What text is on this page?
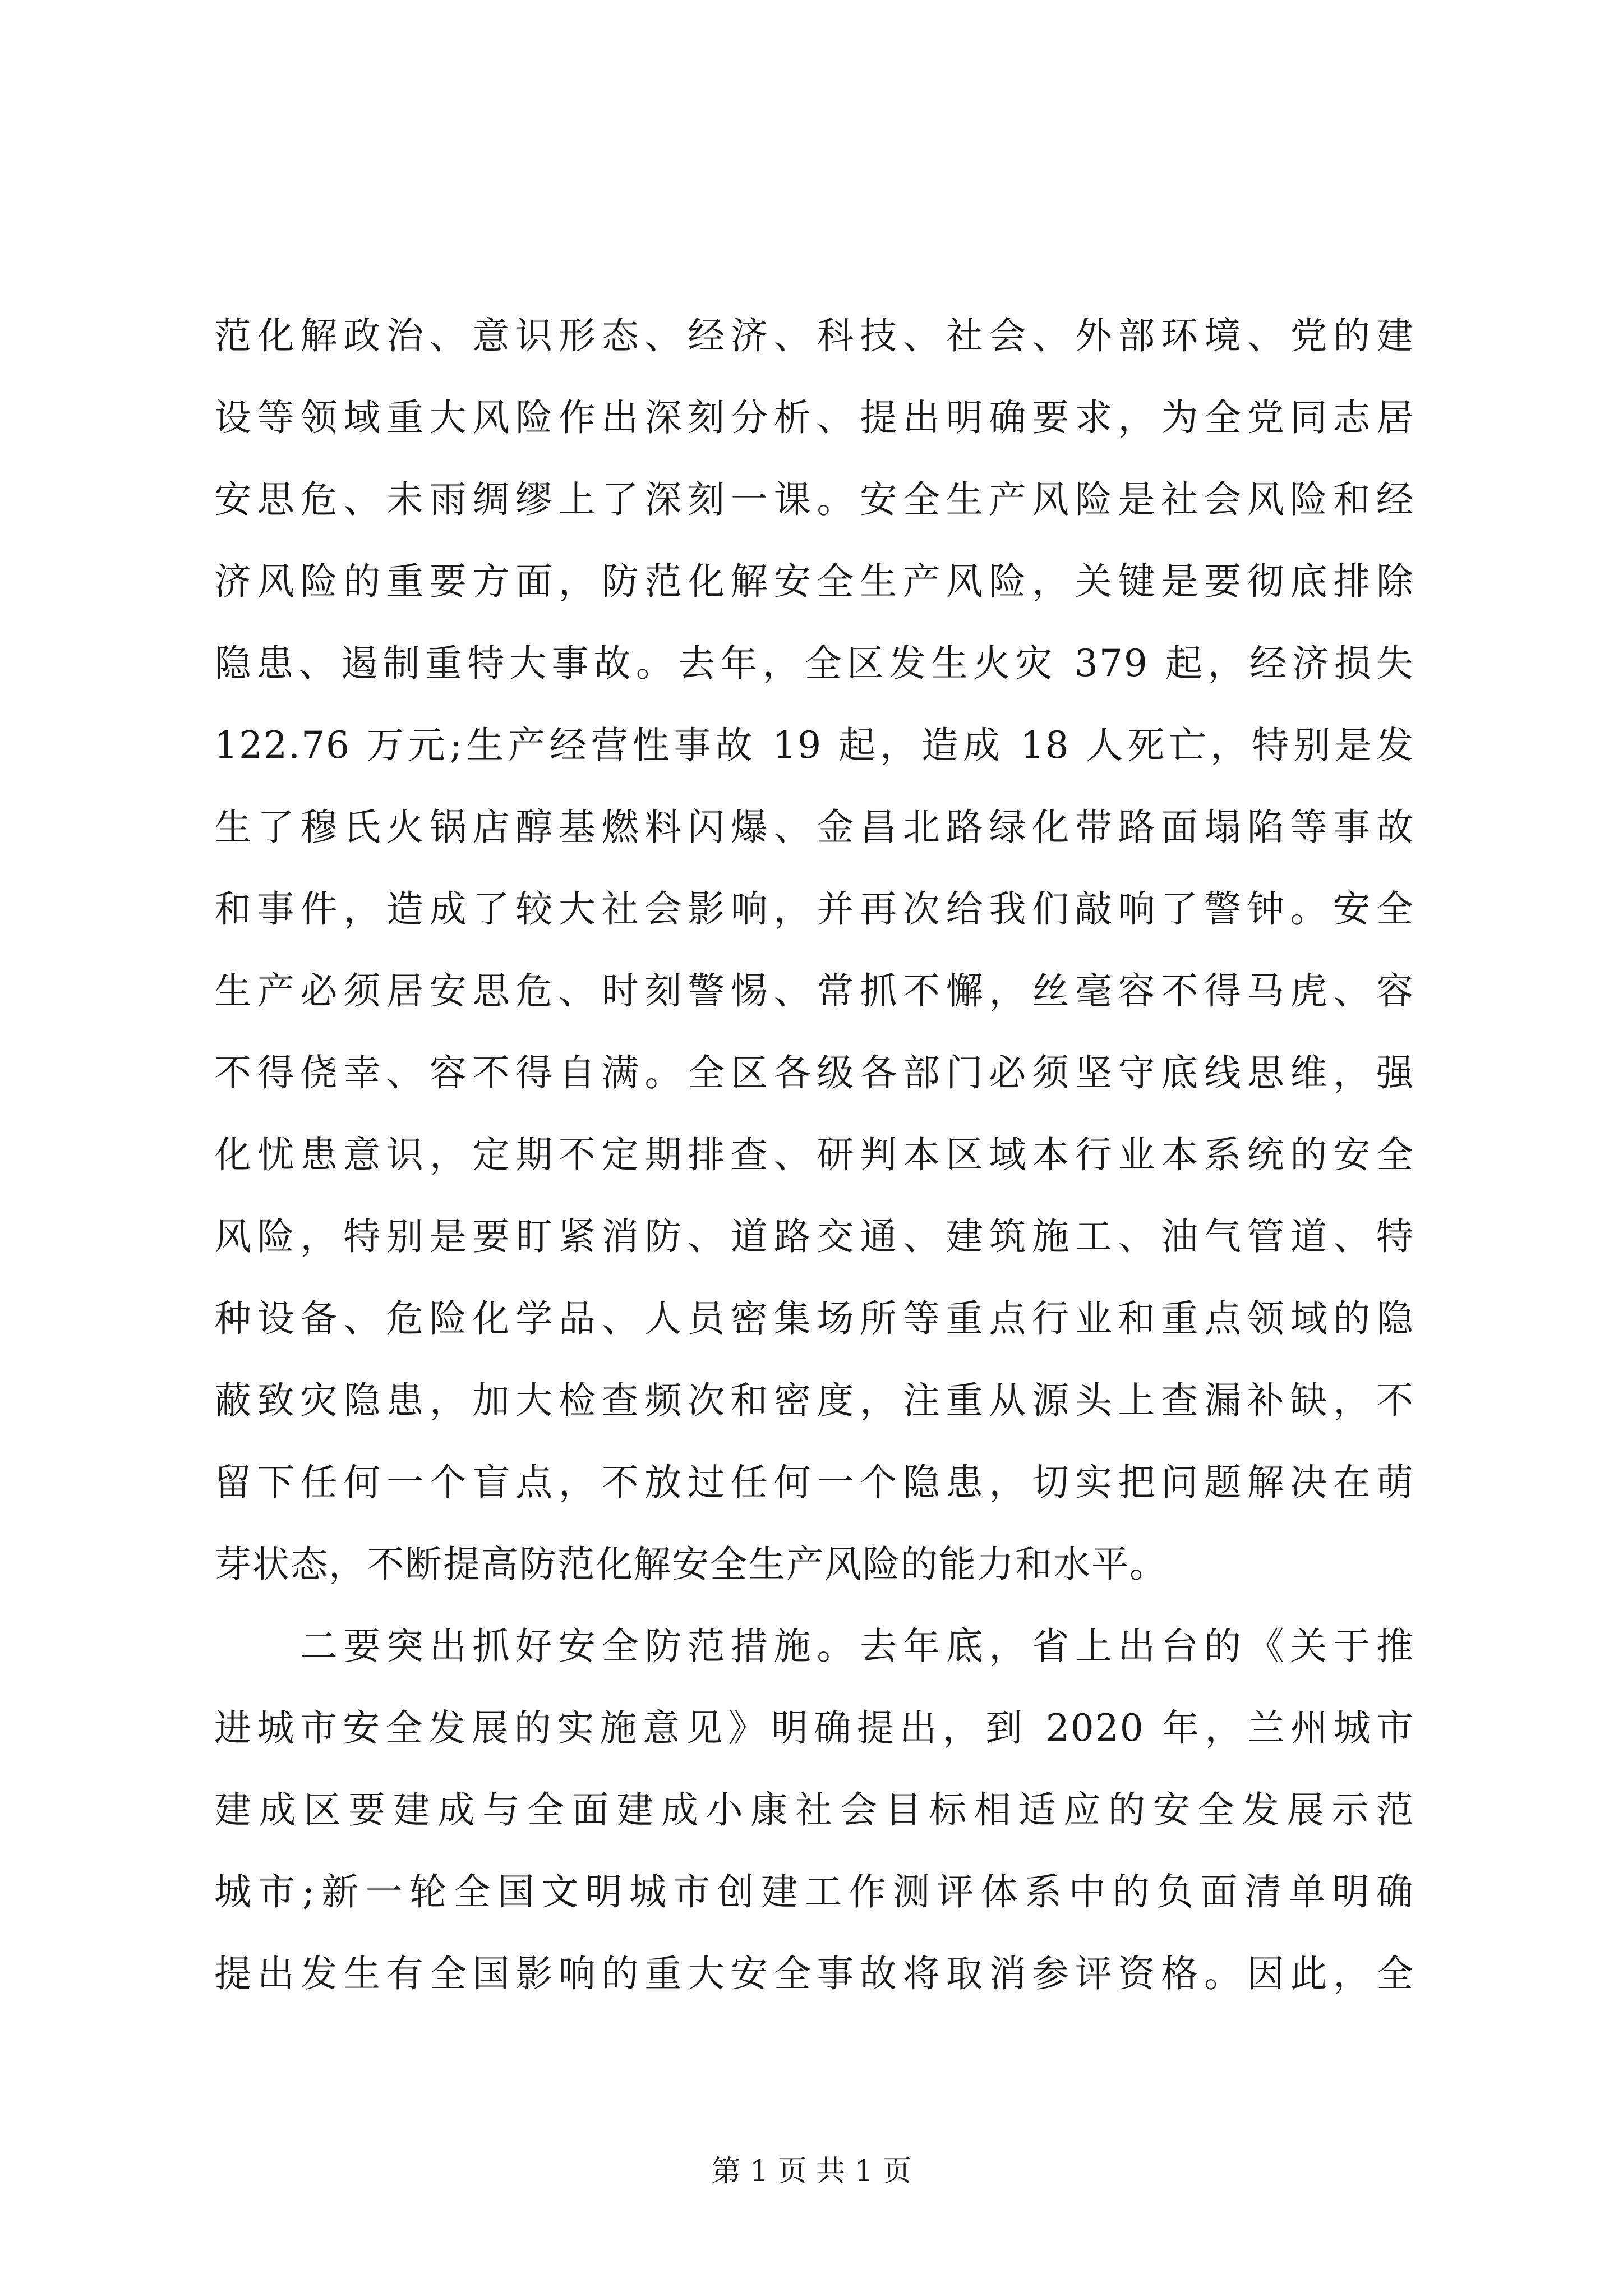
范化解政治、意识形态、经济、科技、社会、外部环境、党的建
设等领域重大风险作出深刻分析、提出明确要求，为全党同志居
安思危、未雨绸缪上了深刻一课。安全生产风险是社会风险和经
济风险的重要方面，防范化解安全生产风险，关键是要彻底排除
隐患、遏制重特大事故。去年，全区发生火灾 379 起，经济损失
122.76 万元;生产经营性事故 19 起，造成 18 人死亡，特别是发
生了穆氏火锅店醇基燃料闪爆、金昌北路绿化带路面塌陷等事故
和事件，造成了较大社会影响，并再次给我们敲响了警钟。安全
生产必须居安思危、时刻警惕、常抓不懈，丝毫容不得马虎、容
不得侥幸、容不得自满。全区各级各部门必须坚守底线思维，强
化忧患意识，定期不定期排查、研判本区域本行业本系统的安全
风险，特别是要盯紧消防、道路交通、建筑施工、油气管道、特
种设备、危险化学品、人员密集场所等重点行业和重点领域的隐
蔽致灾隐患，加大检查频次和密度，注重从源头上查漏补缺，不
留下任何一个盲点，不放过任何一个隐患，切实把问题解决在萌
芽状态，不断提高防范化解安全生产风险的能力和水平。
　　二要突出抓好安全防范措施。去年底，省上出台的《关于推
进城市安全发展的实施意见》明确提出，到 2020 年，兰州城市
建成区要建成与全面建成小康社会目标相适应的安全发展示范
城市;新一轮全国文明城市创建工作测评体系中的负面清单明确
提出发生有全国影响的重大安全事故将取消参评资格。因此，全
第 1 页 共 1 页
